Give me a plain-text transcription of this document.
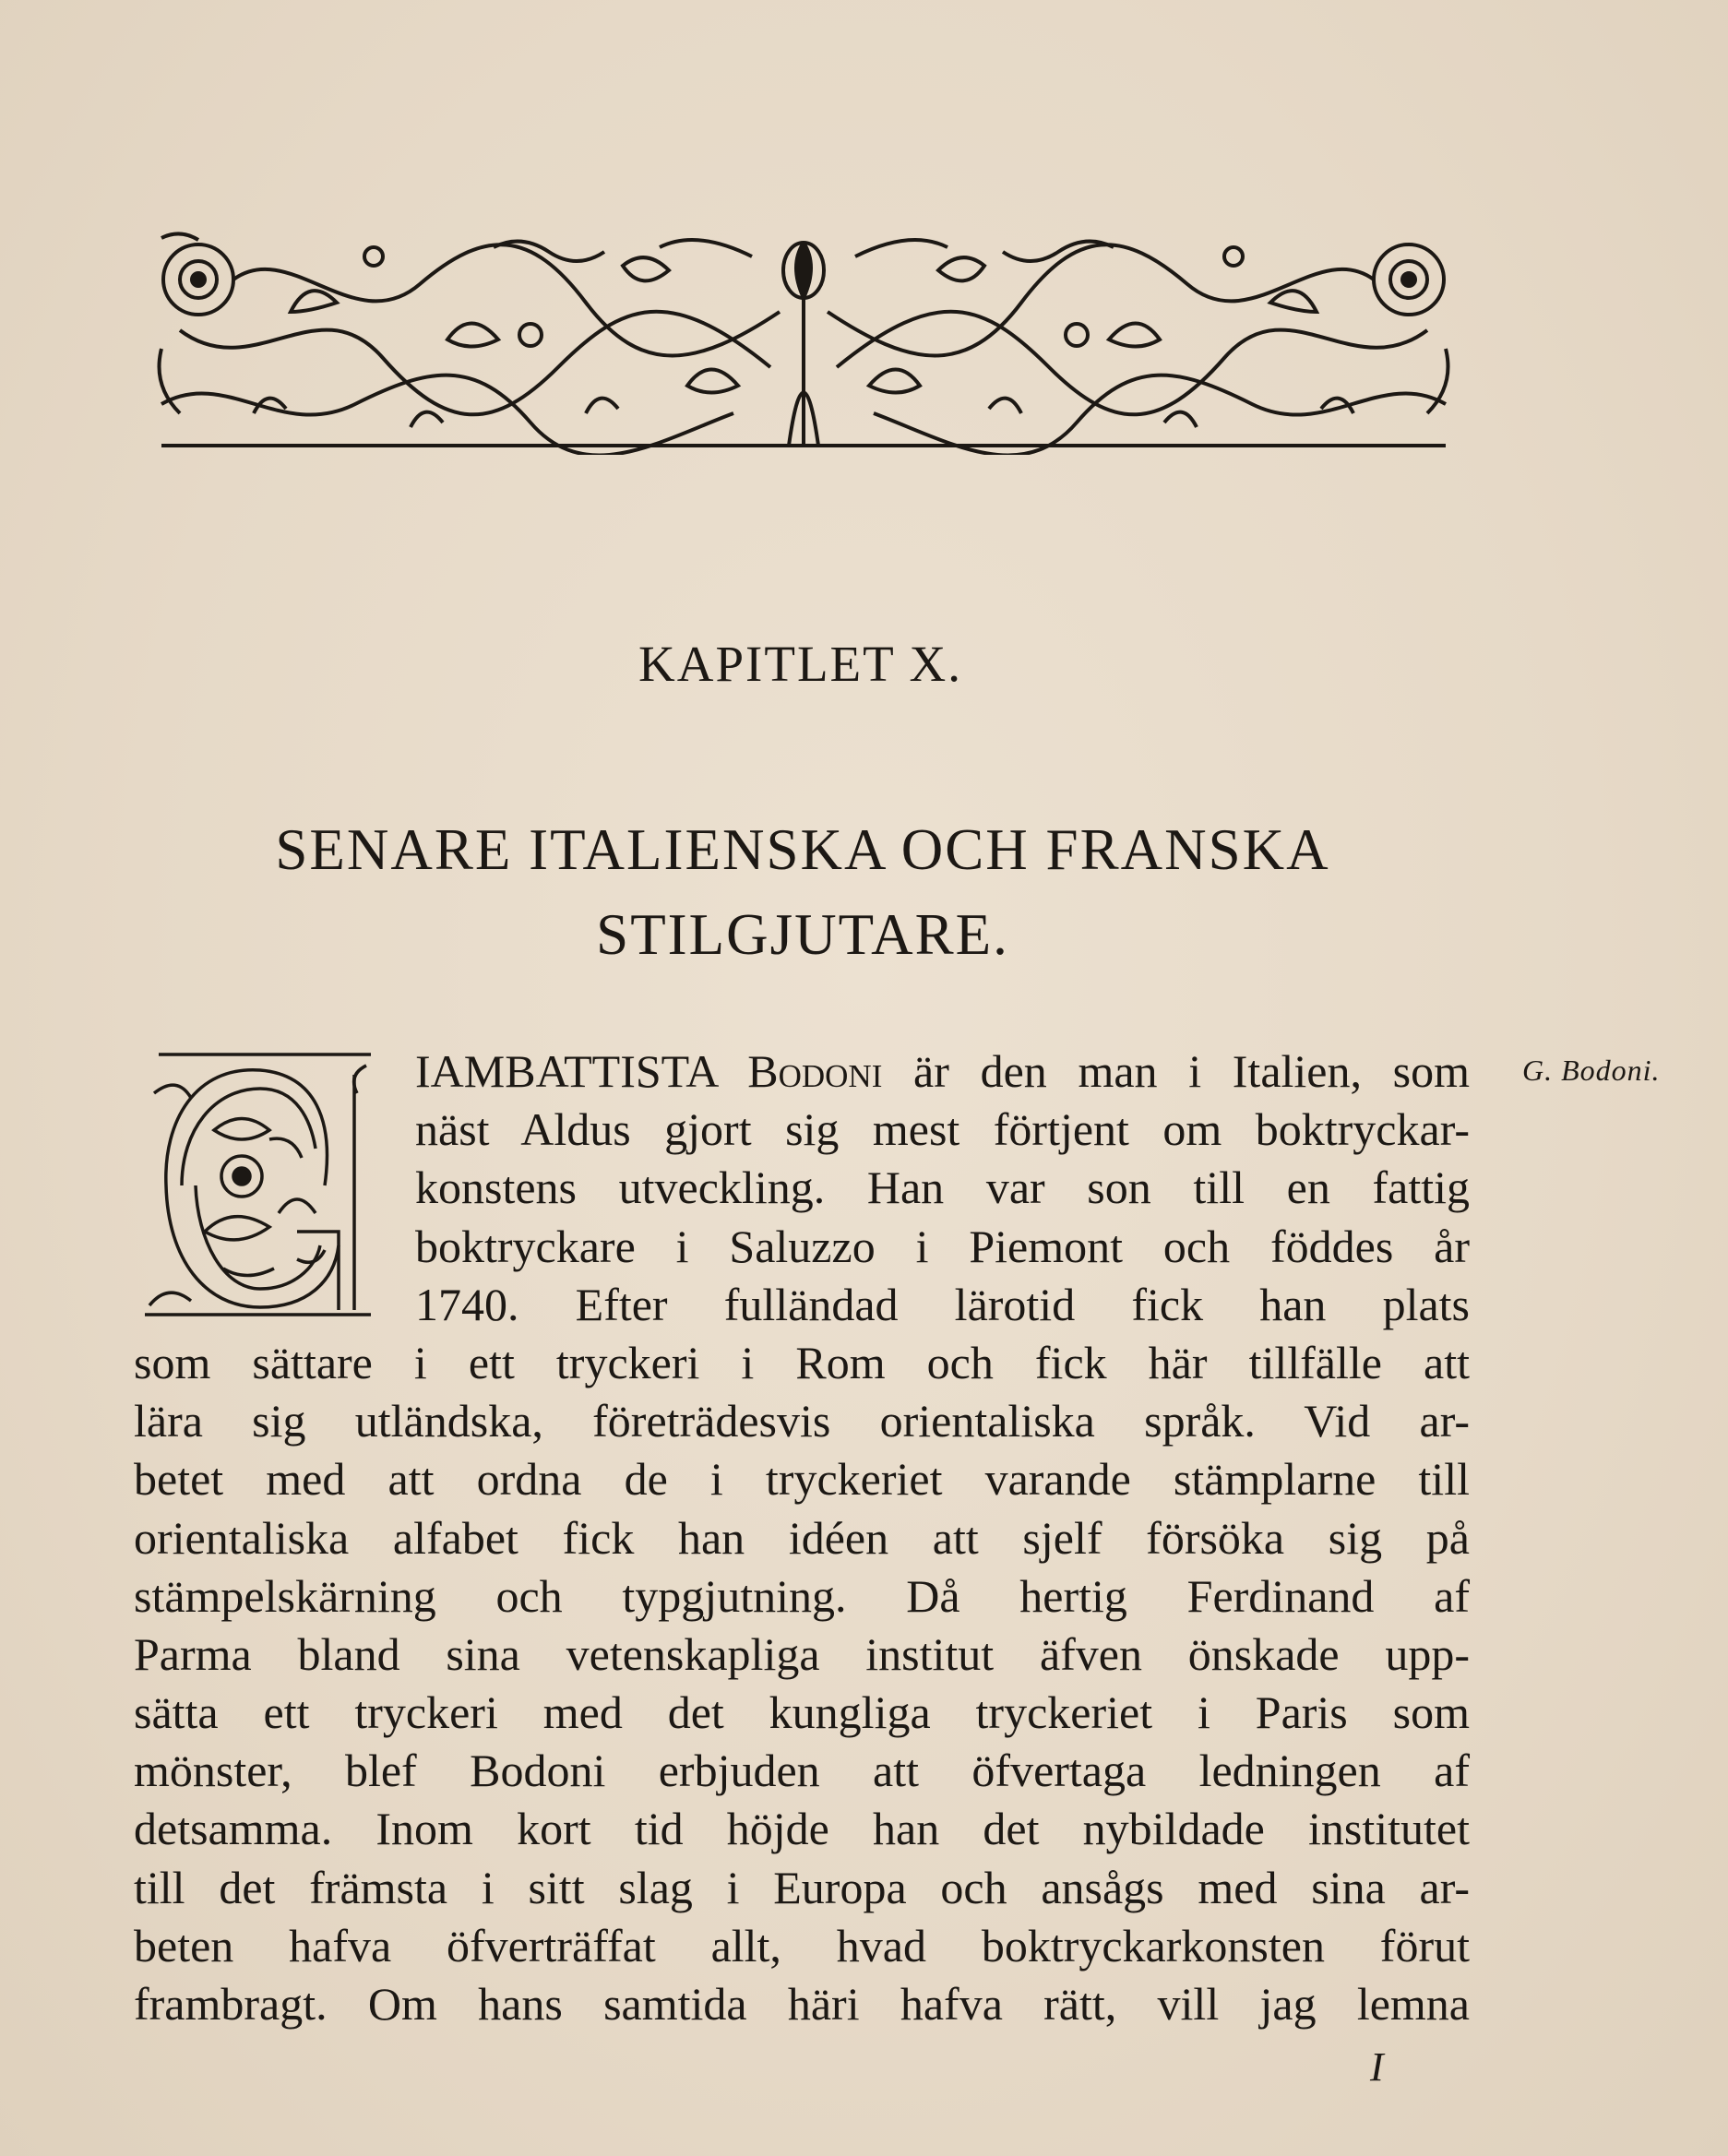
KAPITLET X.
SENARE ITALIENSKA OCH FRANSKA
STILGJUTARE.
IAMBATTISTA Bodoni är den man i Italien, som
näst Aldus gjort sig mest förtjent om boktryckar-
konstens utveckling. Han var son till en fattig
boktryckare i Saluzzo i Piemont och föddes år
1740. Efter fulländad lärotid fick han plats
som sättare i ett tryckeri i Rom och fick här tillfälle att
lära sig utländska, företrädesvis orientaliska språk. Vid ar-
betet med att ordna de i tryckeriet varande stämplarne till
orientaliska alfabet fick han idéen att sjelf försöka sig på
stämpelskärning och typgjutning. Då hertig Ferdinand af
Parma bland sina vetenskapliga institut äfven önskade upp-
sätta ett tryckeri med det kungliga tryckeriet i Paris som
mönster, blef Bodoni erbjuden att öfvertaga ledningen af
detsamma. Inom kort tid höjde han det nybildade institutet
till det främsta i sitt slag i Europa och ansågs med sina ar-
beten hafva öfverträffat allt, hvad boktryckarkonsten förut
frambragt. Om hans samtida häri hafva rätt, vill jag lemna
G. Bodoni.
I
